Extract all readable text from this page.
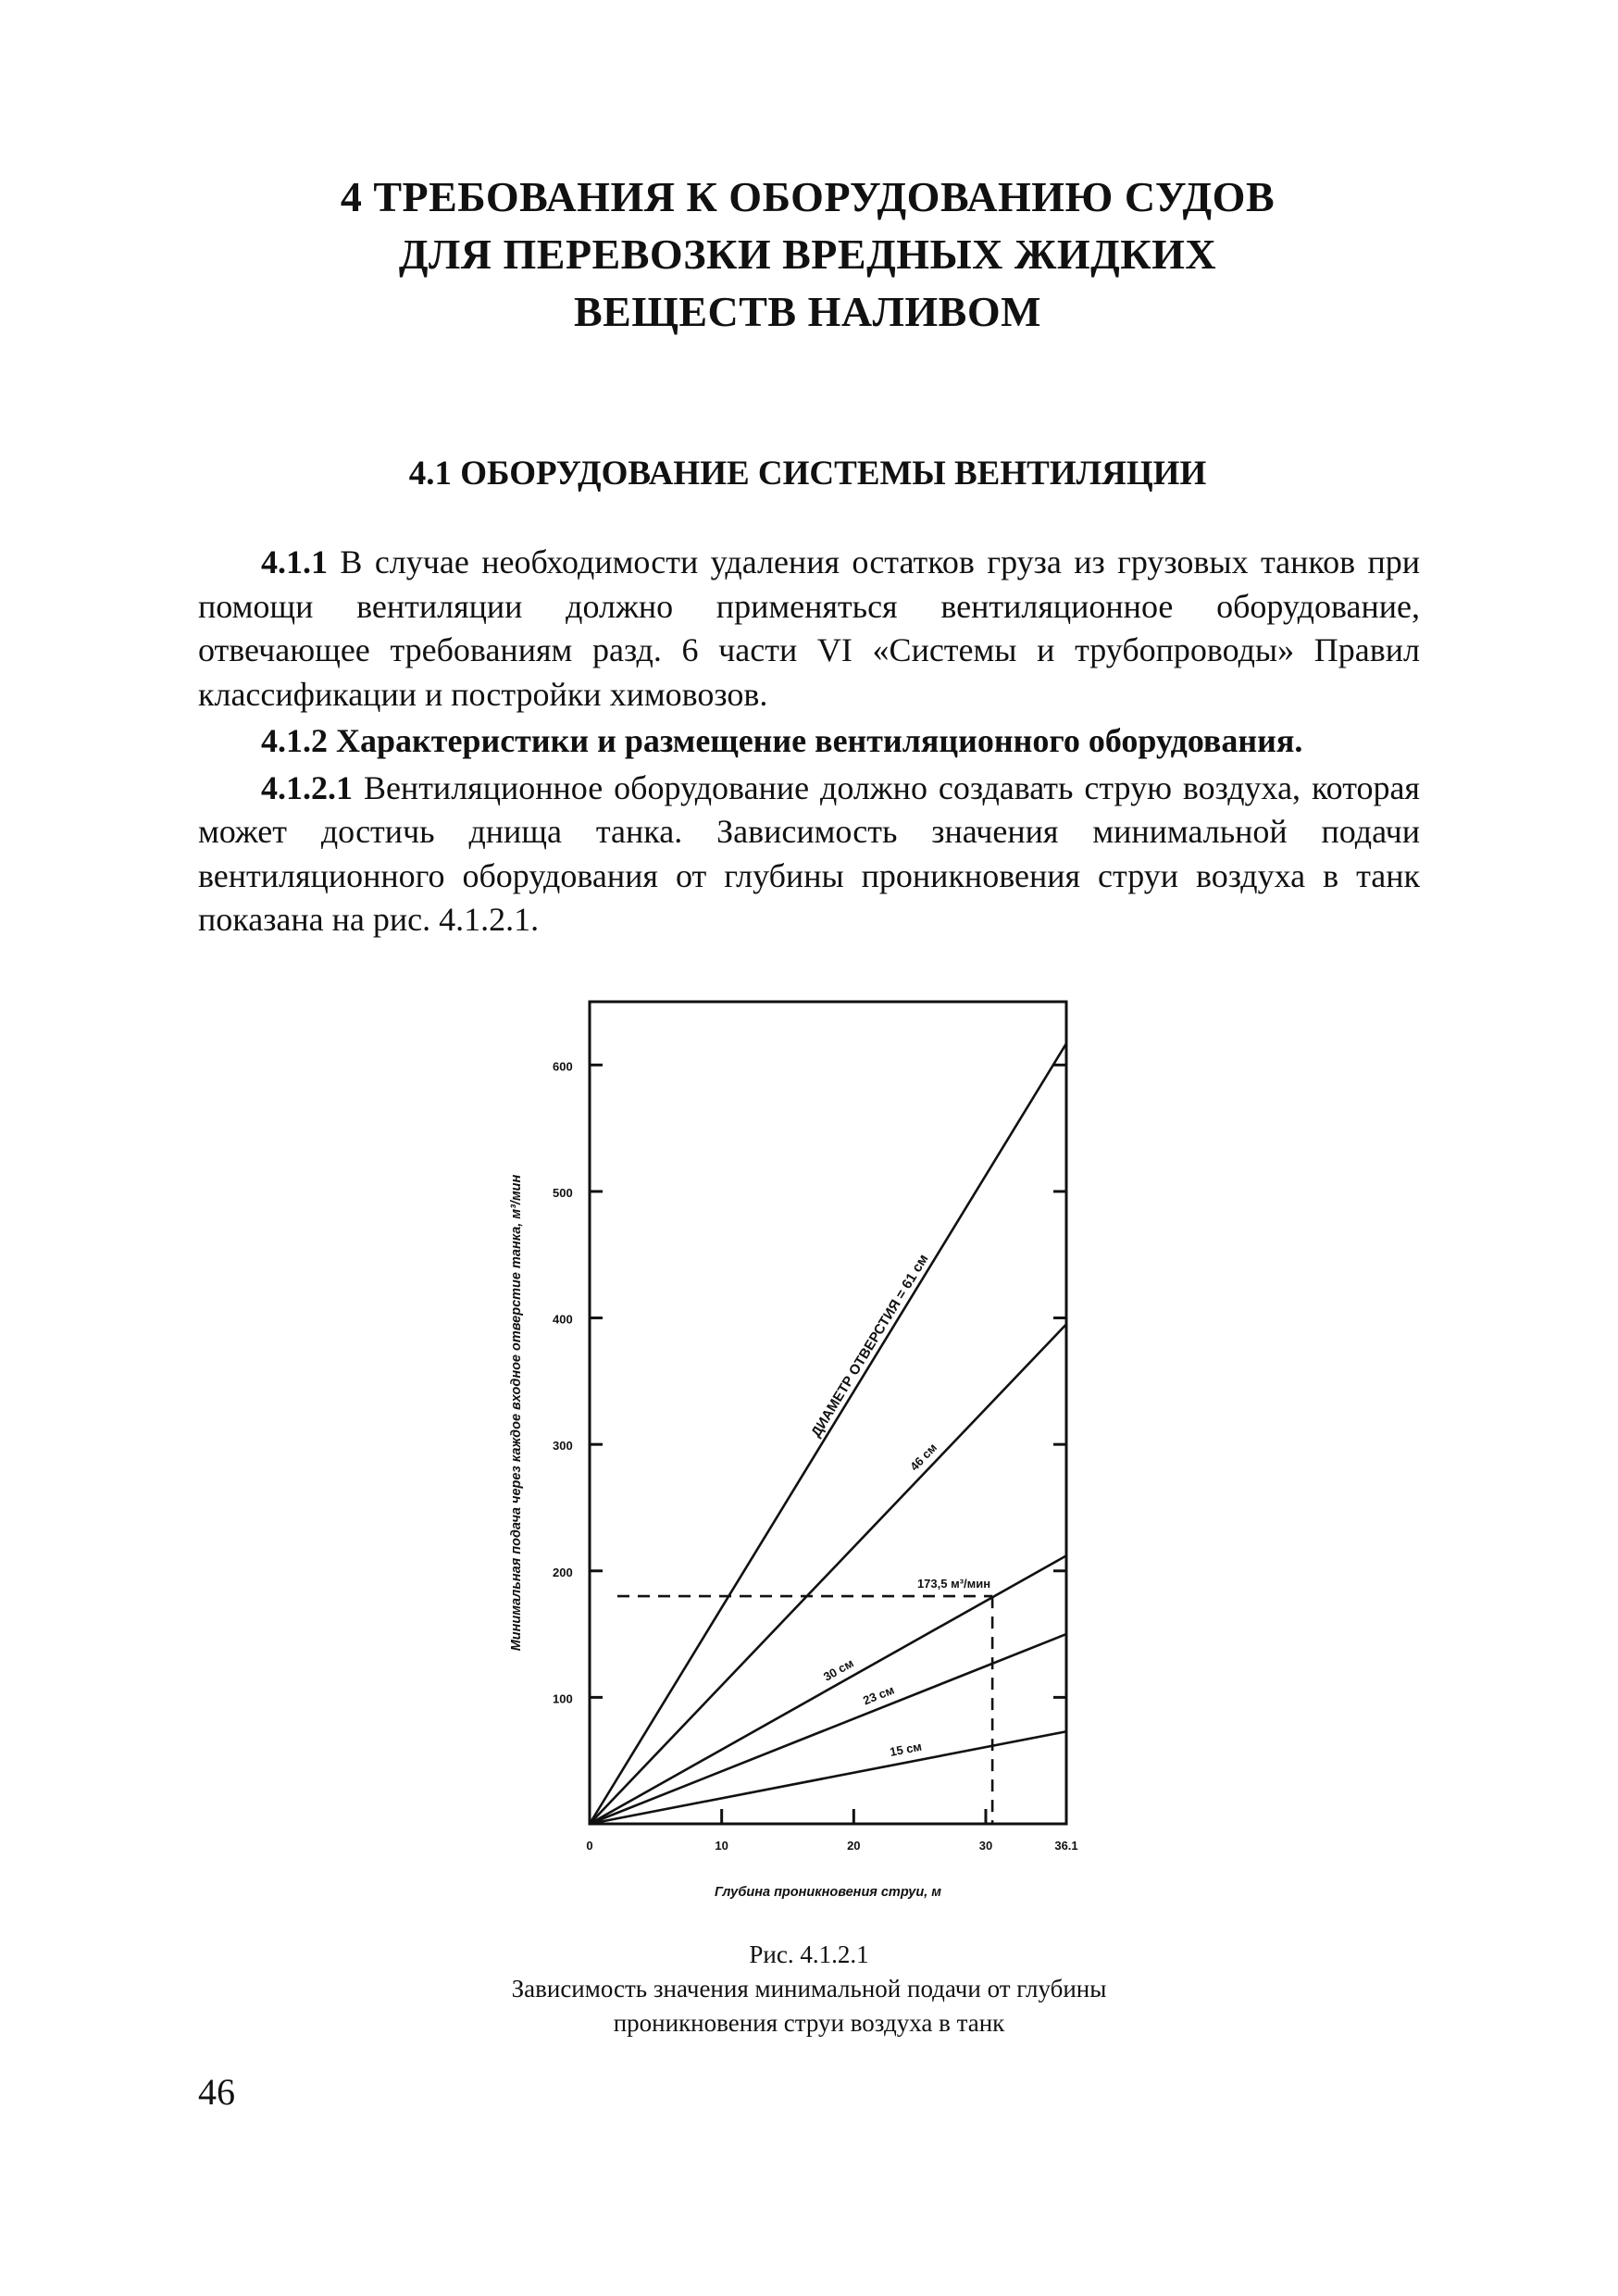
4 ТРЕБОВАНИЯ К ОБОРУДОВАНИЮ СУДОВ
ДЛЯ ПЕРЕВОЗКИ ВРЕДНЫХ ЖИДКИХ
ВЕЩЕСТВ НАЛИВОМ
4.1 ОБОРУДОВАНИЕ СИСТЕМЫ ВЕНТИЛЯЦИИ

4.1.1 В случае необходимости удаления остатков груза из грузовых танков при помощи вентиляции должно применяться вентиляционное оборудование, отвечающее требованиям разд. 6 части VI «Системы и трубопроводы» Правил классификации и постройки химовозов.

4.1.2 Характеристики и размещение вентиляционного оборудования.

4.1.2.1 Вентиляционное оборудование должно создавать струю воздуха, которая может достичь днища танка. Зависимость значения минимальной подачи вентиляционного оборудования от глубины проникновения струи воздуха в танк показана на рис. 4.1.2.1.

100
200
300
400
500
600
0	10	20	30	36.1
ДИАМЕТР ОТВЕРСТИЯ = 61 см
46 см
30 см
23 см
15 см
173,5 м³/мин
Минимальная подача через каждое входное отверстие танка, м³/мин
Глубина проникновения струи, м
Рис. 4.1.2.1
Зависимость значения минимальной подачи от глубины
проникновения струи воздуха в танк
46
